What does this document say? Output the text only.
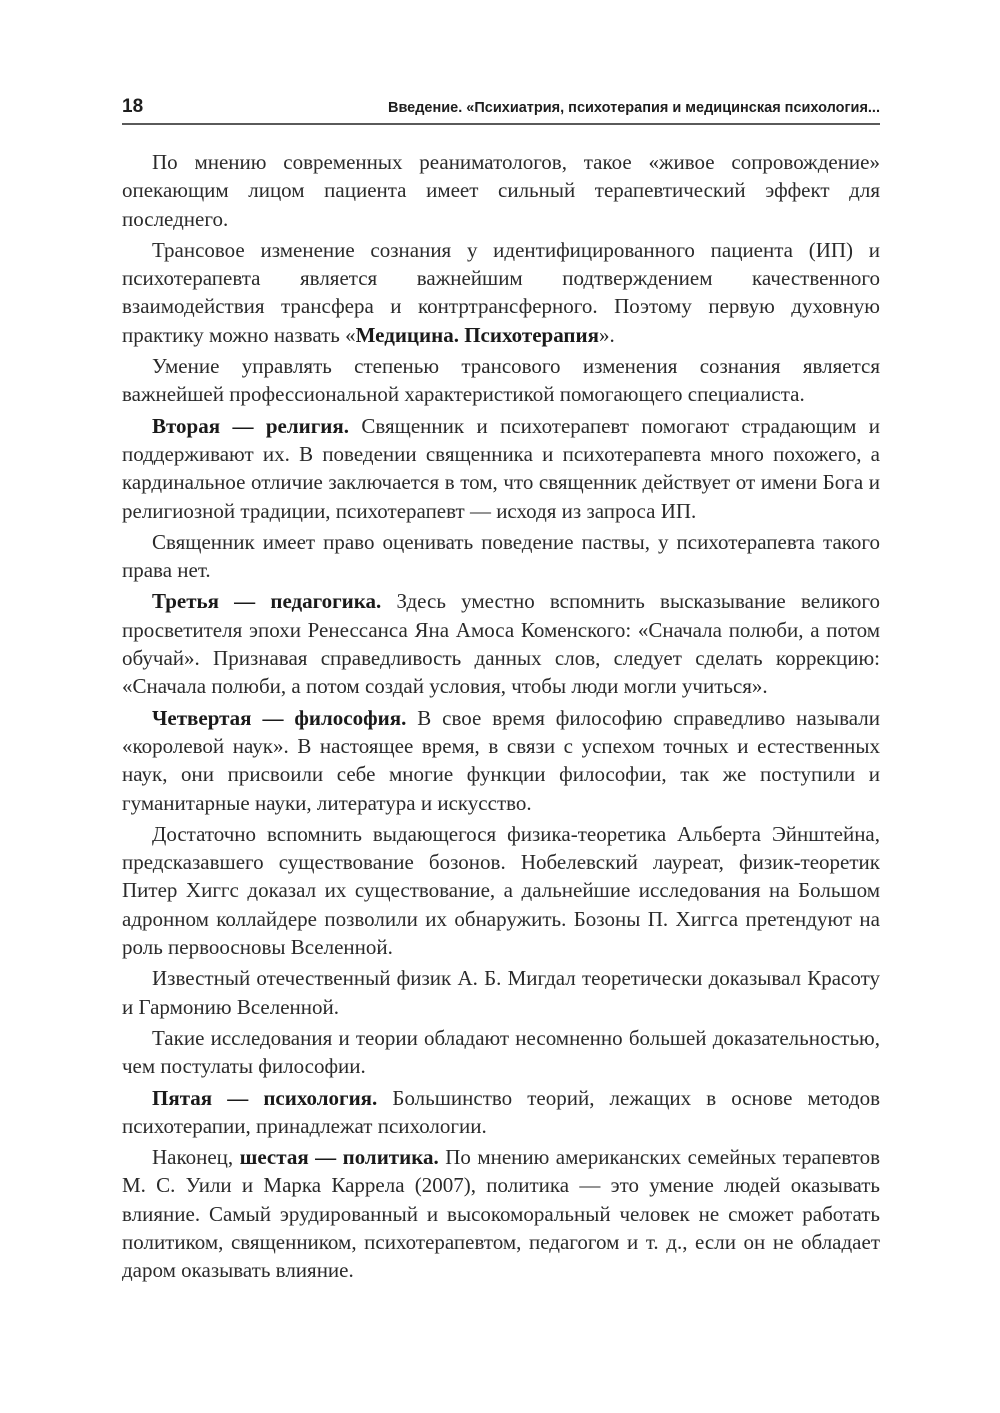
18	Введение. «Психиатрия, психотерапия и медицинская психология...

По мнению современных реаниматологов, такое «живое сопровождение» опекающим лицом пациента имеет сильный терапевтический эффект для последнего.

Трансовое изменение сознания у идентифицированного пациента (ИП) и психотерапевта является важнейшим подтверждением качественного взаимодействия трансфера и контртрансферного. Поэтому первую духовную практику можно назвать «Медицина. Психотерапия».

Умение управлять степенью трансового изменения сознания является важнейшей профессиональной характеристикой помогающего специалиста.

Вторая — религия. Священник и психотерапевт помогают страдающим и поддерживают их. В поведении священника и психотерапевта много похожего, а кардинальное отличие заключается в том, что священник действует от имени Бога и религиозной традиции, психотерапевт — исходя из запроса ИП.

Священник имеет право оценивать поведение паствы, у психотерапевта такого права нет.

Третья — педагогика. Здесь уместно вспомнить высказывание великого просветителя эпохи Ренессанса Яна Амоса Коменского: «Сначала полюби, а потом обучай». Признавая справедливость данных слов, следует сделать коррекцию: «Сначала полюби, а потом создай условия, чтобы люди могли учиться».

Четвертая — философия. В свое время философию справедливо называли «королевой наук». В настоящее время, в связи с успехом точных и естественных наук, они присвоили себе многие функции философии, так же поступили и гуманитарные науки, литература и искусство.

Достаточно вспомнить выдающегося физика-теоретика Альберта Эйнштейна, предсказавшего существование бозонов. Нобелевский лауреат, физик-теоретик Питер Хиггс доказал их существование, а дальнейшие исследования на Большом адронном коллайдере позволили их обнаружить. Бозоны П. Хиггса претендуют на роль первоосновы Вселенной.

Известный отечественный физик А. Б. Мигдал теоретически доказывал Красоту и Гармонию Вселенной.

Такие исследования и теории обладают несомненно большей доказательностью, чем постулаты философии.

Пятая — психология. Большинство теорий, лежащих в основе методов психотерапии, принадлежат психологии.

Наконец, шестая — политика. По мнению американских семейных терапевтов М. С. Уили и Марка Каррела (2007), политика — это умение людей оказывать влияние. Самый эрудированный и высокоморальный человек не сможет работать политиком, священником, психотерапевтом, педагогом и т. д., если он не обладает даром оказывать влияние.
